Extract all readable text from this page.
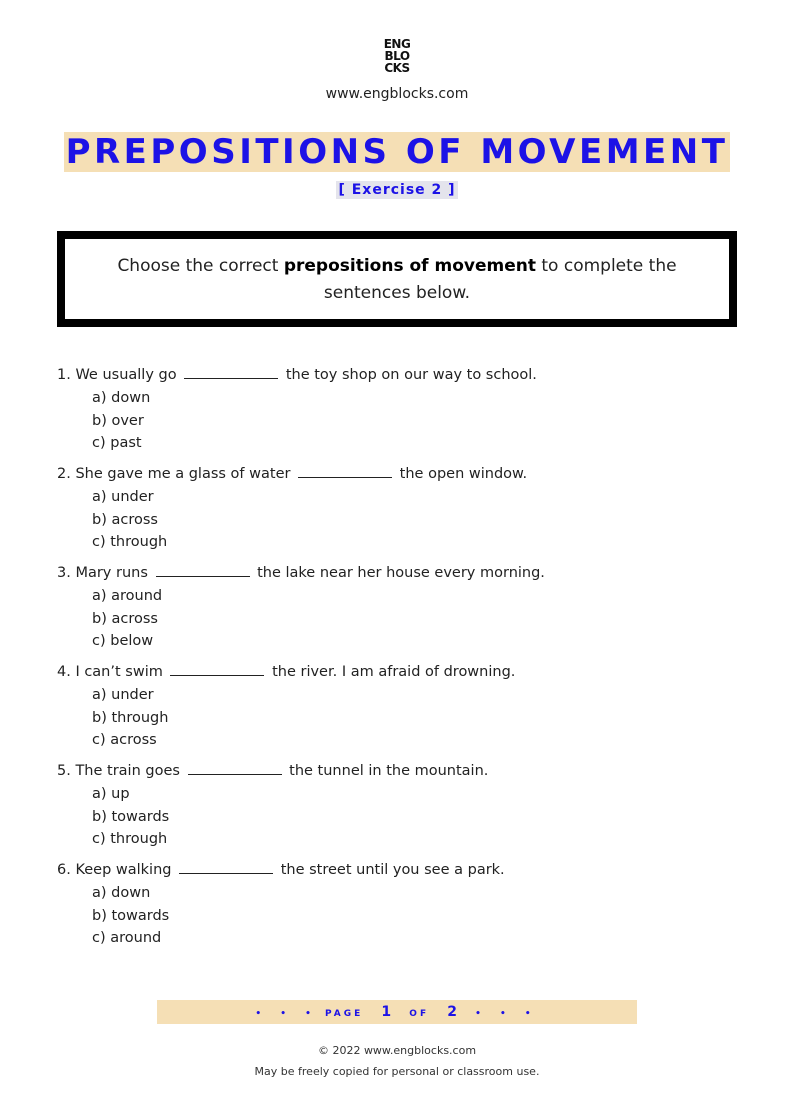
ENG
BLO
CKS
www.engblocks.com
PREPOSITIONS OF MOVEMENT
[ Exercise 2 ]
Choose the correct prepositions of movement to complete the sentences below.
1. We usually go	the toy shop on our way to school.
a) down
b) over
c) past
2. She gave me a glass of water	the open window.
a) under
b) across
c) through
3. Mary runs	the lake near her house every morning.
a) around
b) across
c) below
4. I can’t swim	the river. I am afraid of drowning.
a) under
b) through
c) across
5. The train goes	the tunnel in the mountain.
a) up
b) towards
c) through
6. Keep walking	the street until you see a park.
a) down
b) towards
c) around
• • • PAGE 1 OF 2 • • •
© 2022 www.engblocks.com
May be freely copied for personal or classroom use.
